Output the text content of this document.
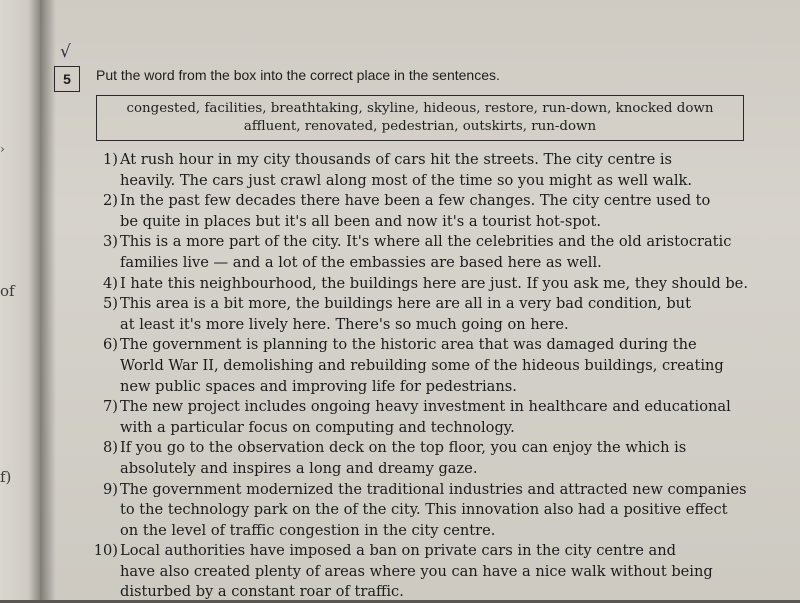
›
of
f)
√
5	Put the word from the box into the correct place in the sentences.
congested, facilities, breathtaking, skyline, hideous, restore, run-down, knocked down
affluent, renovated, pedestrian, outskirts, run-down
1) At rush hour in my city thousands of cars hit the streets. The city centre is
heavily. The cars just crawl along most of the time so you might as well walk.
2) In the past few decades there have been a few changes. The city centre used to
be quite in places but it's all been and now it's a tourist hot-spot.
3) This is a more part of the city. It's where all the celebrities and the old aristocratic
families live — and a lot of the embassies are based here as well.
4) I hate this neighbourhood, the buildings here are just. If you ask me, they should be.
5) This area is a bit more, the buildings here are all in a very bad condition, but
at least it's more lively here. There's so much going on here.
6) The government is planning to the historic area that was damaged during the
World War II, demolishing and rebuilding some of the hideous buildings, creating
new public spaces and improving life for pedestrians.
7) The new project includes ongoing heavy investment in healthcare and educational
with a particular focus on computing and technology.
8) If you go to the observation deck on the top floor, you can enjoy the which is
absolutely and inspires a long and dreamy gaze.
9) The government modernized the traditional industries and attracted new companies
to the technology park on the of the city. This innovation also had a positive effect
on the level of traffic congestion in the city centre.
10) Local authorities have imposed a ban on private cars in the city centre and
have also created plenty of areas where you can have a nice walk without being
disturbed by a constant roar of traffic.
